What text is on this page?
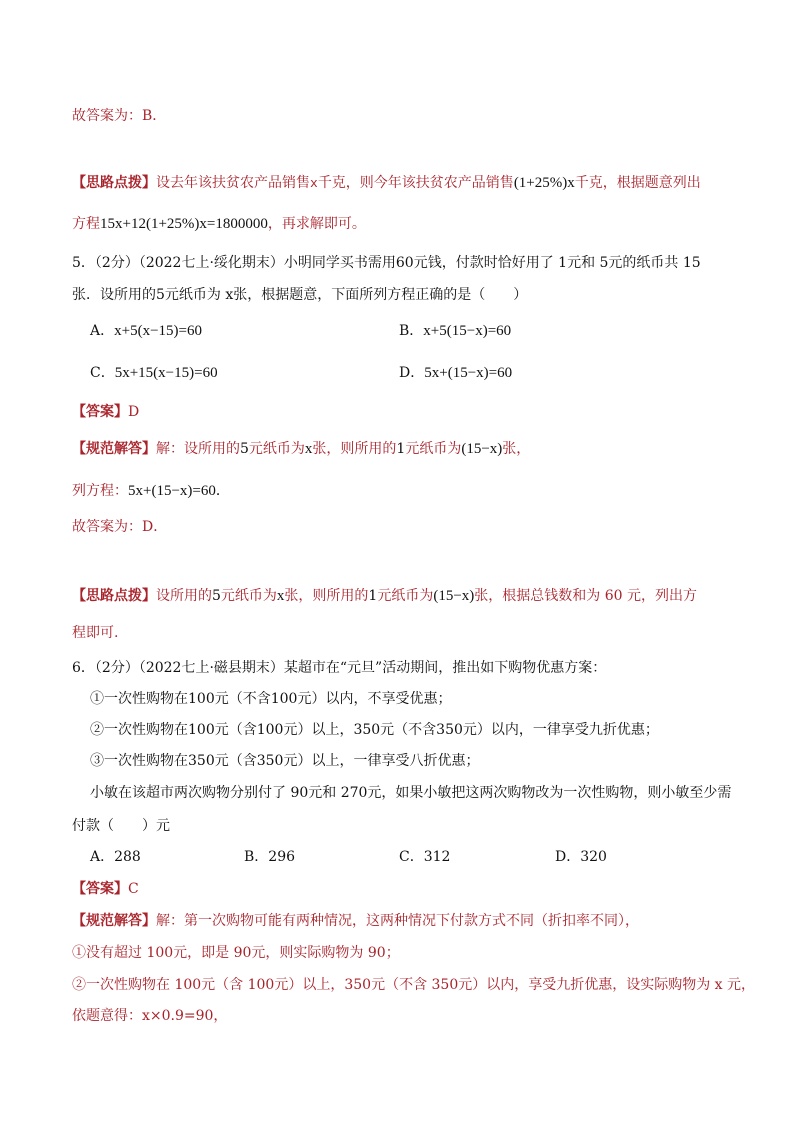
故答案为：B．
【思路点拨】设去年该扶贫农产品销售x千克，则今年该扶贫农产品销售(1+25%)x千克，根据题意列出
方程15x+12(1+25%)x=1800000，再求解即可。
5．（2分）（2022七上·绥化期末）小明同学买书需用60元钱，付款时恰好用了 1元和 5元的纸币共 15
张．设所用的5元纸币为 x张，根据题意，下面所列方程正确的是（　　）
A．x+5(x−15)=60	B．x+5(15−x)=60
C．5x+15(x−15)=60	D．5x+(15−x)=60
【答案】D
【规范解答】解：设所用的5元纸币为x张，则所用的1元纸币为(15−x)张，
列方程：5x+(15−x)=60．
故答案为：D．
【思路点拨】设所用的5元纸币为x张，则所用的1元纸币为(15−x)张，根据总钱数和为 60 元，列出方
程即可.
6．（2分）（2022七上·磁县期末）某超市在“元旦”活动期间，推出如下购物优惠方案：
①一次性购物在100元（不含100元）以内，不享受优惠；
②一次性购物在100元（含100元）以上，350元（不含350元）以内，一律享受九折优惠；
③一次性购物在350元（含350元）以上，一律享受八折优惠；
小敏在该超市两次购物分别付了 90元和 270元，如果小敏把这两次购物改为一次性购物，则小敏至少需
付款（　　）元
A．288	B．296	C．312	D．320
【答案】C
【规范解答】解：第一次购物可能有两种情况，这两种情况下付款方式不同（折扣率不同），
①没有超过 100元，即是 90元，则实际购物为 90；
②一次性购物在 100元（含 100元）以上，350元（不含 350元）以内，享受九折优惠，设实际购物为 x 元，
依题意得：x×0.9=90，
